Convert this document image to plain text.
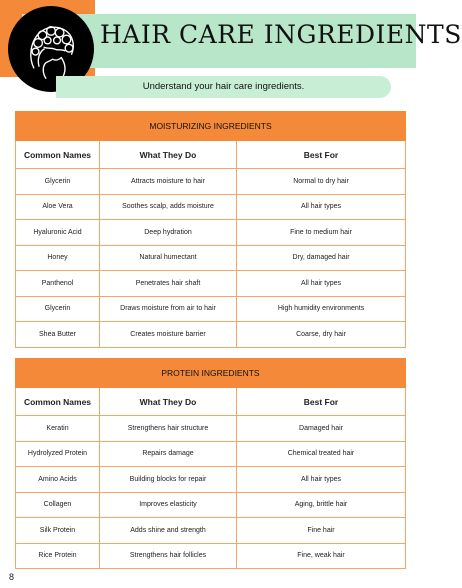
HAIR CARE INGREDIENTS
Understand your hair care ingredients.
MOISTURIZING INGREDIENTS		
Common Names	What They Do	Best For
Glycerin	Attracts moisture to hair	Normal to dry hair
Aloe Vera	Soothes scalp, adds moisture	All hair types
Hyaluronic Acid	Deep hydration	Fine to medium hair
Honey	Natural humectant	Dry, damaged hair
Panthenol	Penetrates hair shaft	All hair types
Glycerin	Draws moisture from air to hair	High humidity environments
Shea Butter	Creates moisture barrier	Coarse, dry hair
PROTEIN INGREDIENTS		
Common Names	What They Do	Best For
Keratin	Strengthens hair structure	Damaged hair
Hydrolyzed Protein	Repairs damage	Chemical treated hair
Amino Acids	Building blocks for repair	All hair types
Collagen	Improves elasticity	Aging, brittle hair
Silk Protein	Adds shine and strength	Fine hair
Rice Protein	Strengthens hair follicles	Fine, weak hair
8
